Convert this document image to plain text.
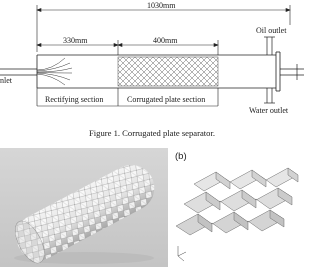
1030mm
330mm	400mm
nlet
Oil outlet
Water outlet
Rectifying section	Corrugated plate section
Figure 1. Corrugated plate separator.
(b)
